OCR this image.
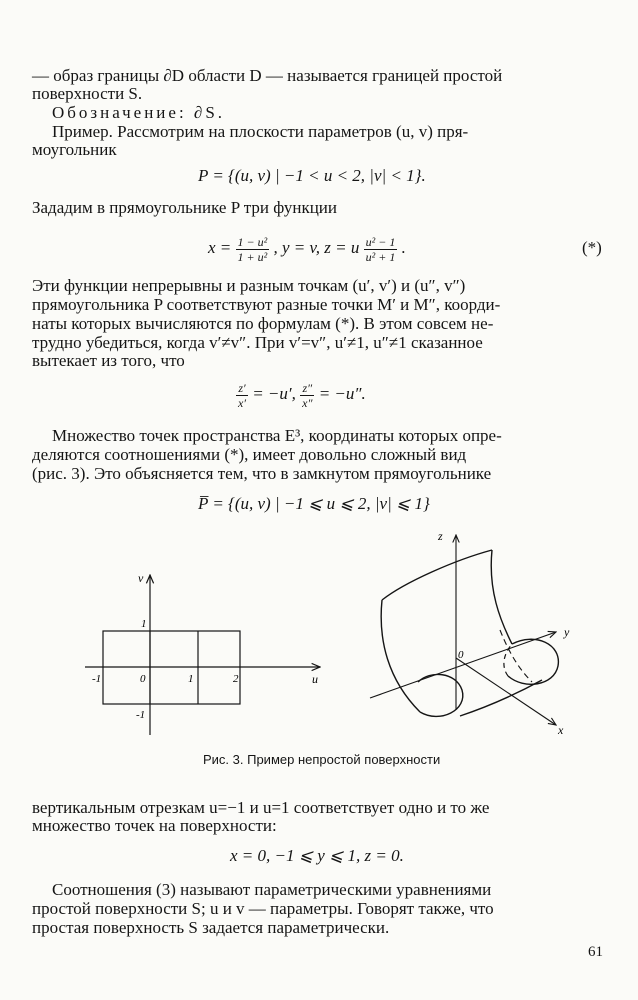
— образ границы ∂D области D — называется границей простой
поверхности S.
Обозначение: ∂S.
Пример. Рассмотрим на плоскости параметров (u, v) пря-
моугольник
P = {(u, v) | −1 < u < 2, |v| < 1}.
Зададим в прямоугольнике P три функции
$x = \frac{\text{1 − u²}}{\text{1 + u²}}$ , y = v, z = u $\frac{\text{u² − 1}}{\text{u² + 1}}$ .	(*)
Эти функции непрерывны и разным точкам (u′, v′) и (u″, v″)
прямоугольника P соответствуют разные точки M′ и M″, коорди-
наты которых вычисляются по формулам (*). В этом совсем не-
трудно убедиться, когда v′≠v″. При v′=v″, u′≠1, u″≠1 сказанное
вытекает из того, что
$\frac{z'}{x'} = -u'$, $\frac{z''}{x''} = -u''$.
Множество точек пространства E³, координаты которых опре-
деляются соотношениями (*), имеет довольно сложный вид
(рис. 3). Это объясняется тем, что в замкнутом прямоугольнике
P̅ = {(u, v) | −1 ⩽ u ⩽ 2, |v| ⩽ 1}
u
v
-1	0	1	2
1
-1
z
y
x
0
Рис. 3. Пример непростой поверхности
вертикальным отрезкам u=−1 и u=1 соответствует одно и то же
множество точек на поверхности:
x = 0, −1 ⩽ y ⩽ 1, z = 0.
Соотношения (3) называют параметрическими уравнениями
простой поверхности S; u и v — параметры. Говорят также, что
простая поверхность S задается параметрически.
61
